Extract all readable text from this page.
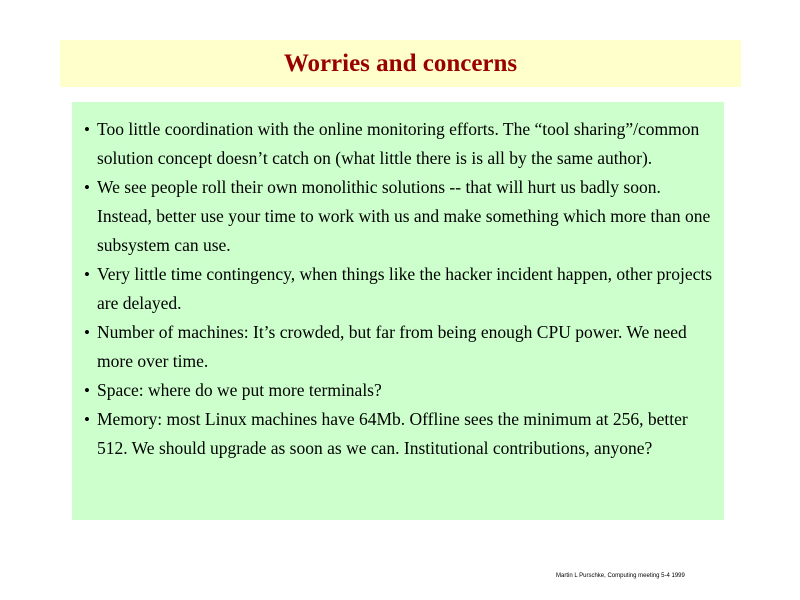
Worries and concerns
• Too little coordination with the online monitoring efforts. The “tool sharing”/common solution concept doesn’t catch on (what little there is is all by the same author).
• We see people roll their own monolithic solutions -- that will hurt us badly soon. Instead, better use your time to work with us and make something which more than one subsystem can use.
• Very little time contingency, when things like the hacker incident happen, other projects are delayed.
• Number of machines: It’s crowded, but far from being enough CPU power. We need more over time.
• Space: where do we put more terminals?
• Memory: most Linux machines have 64Mb. Offline sees the minimum at 256, better 512. We should upgrade as soon as we can. Institutional contributions, anyone?
Martin L Purschke, Computing meeting 5-4 1999
